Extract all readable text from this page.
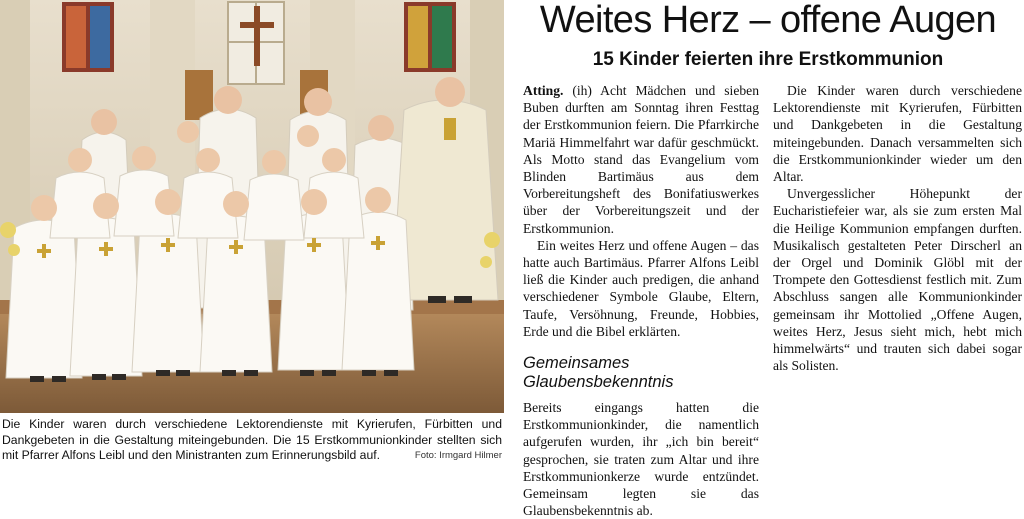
Die Kinder waren durch verschiedene Lektorendienste mit Kyrierufen, Fürbitten und Dankgebeten in die Gestaltung miteingebunden. Die 15 Erstkommunionkinder stellten sich mit Pfarrer Alfons Leibl und den Ministranten zum Erinnerungsbild auf.	Foto: Irmgard Hilmer
Weites Herz – offene Augen
15 Kinder feierten ihre Erstkommunion

Atting. (ih) Acht Mädchen und sieben Buben durften am Sonntag ihren Festtag der Erstkommunion feiern. Die Pfarrkirche Mariä Himmelfahrt war dafür geschmückt. Als Motto stand das Evangelium vom Blinden Bartimäus aus dem Vorbereitungsheft des Bonifatiuswerkes über der Vorbereitungszeit und der Erstkommunion.

Ein weites Herz und offene Augen – das hatte auch Bartimäus. Pfarrer Alfons Leibl ließ die Kinder auch predigen, die anhand verschiedener Symbole Glaube, Eltern, Taufe, Versöhnung, Freunde, Hobbies, Erde und die Bibel erklärten.

Gemeinsames Glaubensbekenntnis

Bereits eingangs hatten die Erstkommunionkinder, die namentlich aufgerufen wurden, ihr „ich bin bereit“ gesprochen, sie traten zum Altar und ihre Erstkommunionkerze wurde entzündet. Gemeinsam legten sie das Glaubensbekenntnis ab.

Die Kinder waren durch verschiedene Lektorendienste mit Kyrierufen, Fürbitten und Dankgebeten in die Gestaltung miteingebunden. Danach versammelten sich die Erstkommunionkinder wieder um den Altar.

Unvergesslicher Höhepunkt der Eucharistiefeier war, als sie zum ersten Mal die Heilige Kommunion empfangen durften. Musikalisch gestalteten Peter Dirscherl an der Orgel und Dominik Glöbl mit der Trompete den Gottesdienst festlich mit. Zum Abschluss sangen alle Kommunionkinder gemeinsam ihr Mottolied „Offene Augen, weites Herz, Jesus sieht mich, hebt mich himmelwärts“ und trauten sich dabei sogar als Solisten.
